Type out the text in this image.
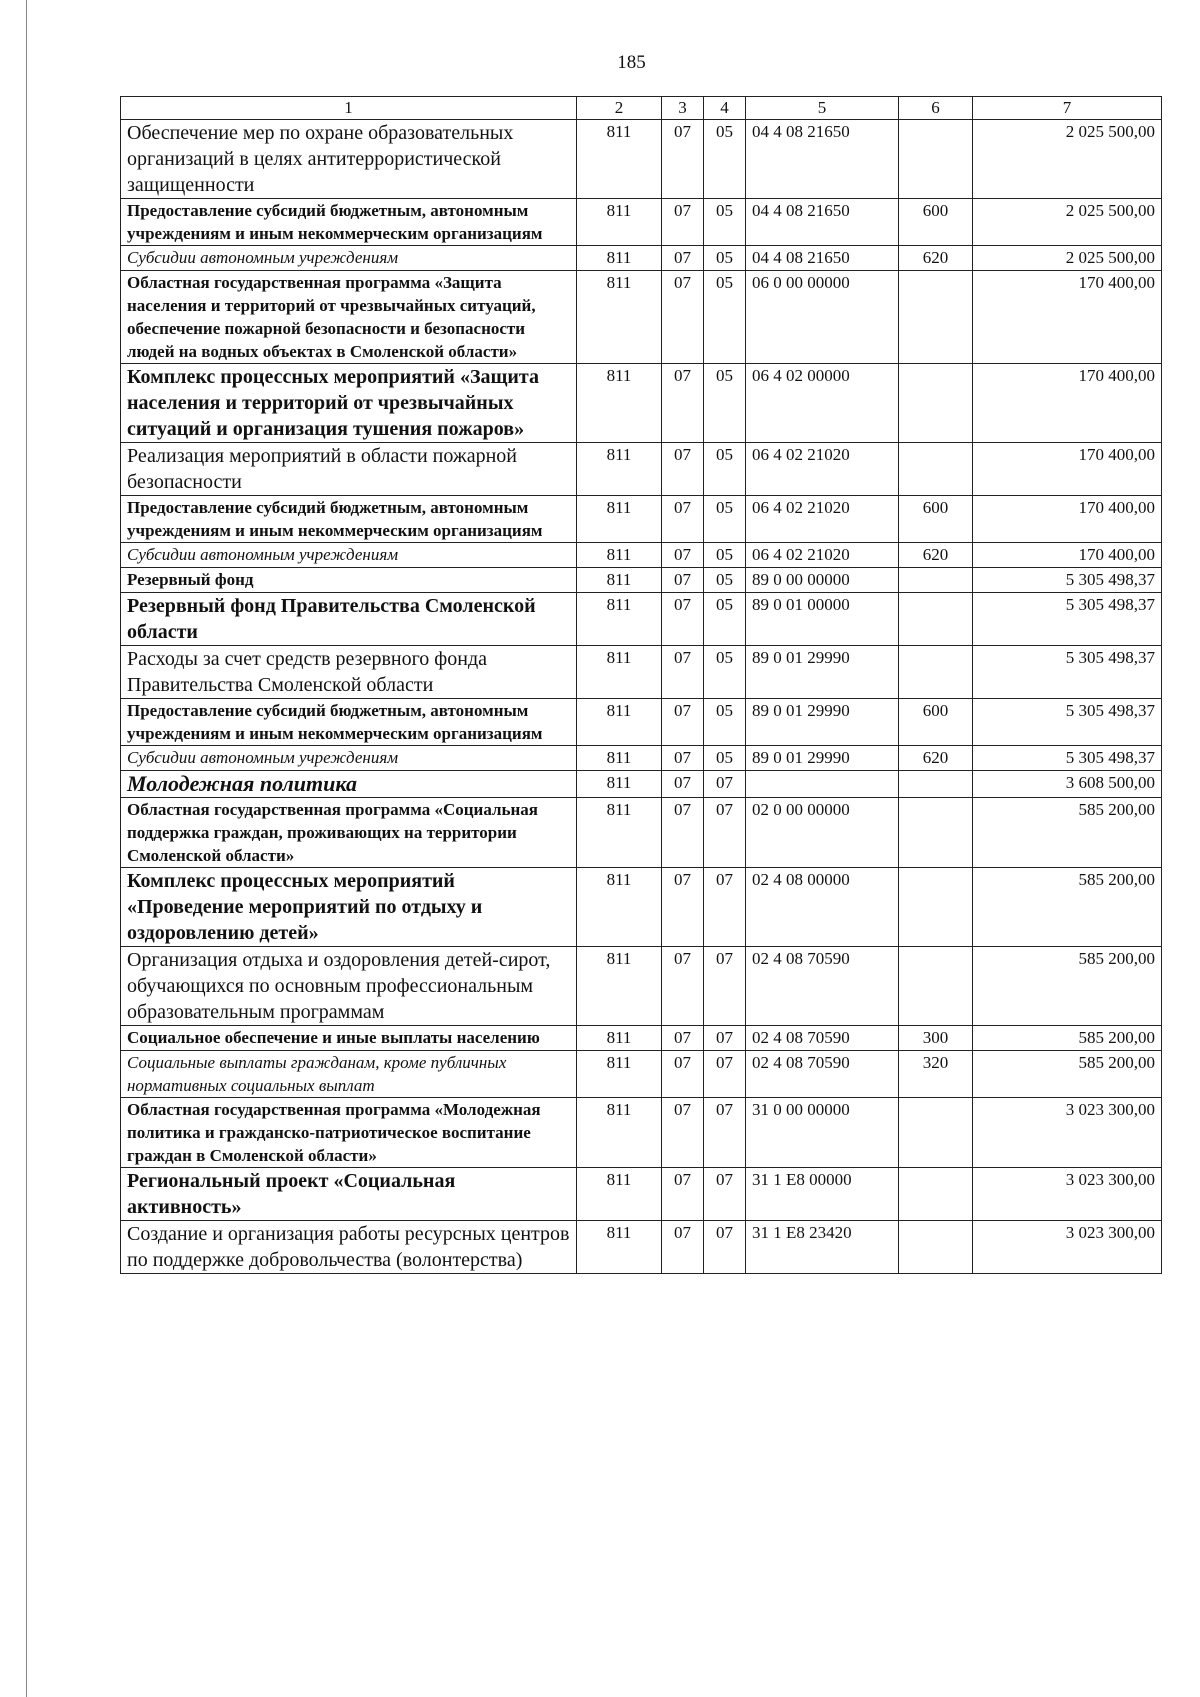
185
1	2	3	4	5	6	7
Обеспечение мер по охране образовательных организаций в целях антитеррористической защищенности	811	07	05	04 4 08 21650		2 025 500,00
Предоставление субсидий бюджетным, автономным учреждениям и иным некоммерческим организациям	811	07	05	04 4 08 21650	600	2 025 500,00
Субсидии автономным учреждениям	811	07	05	04 4 08 21650	620	2 025 500,00
Областная государственная программа «Защита населения и территорий от чрезвычайных ситуаций, обеспечение пожарной безопасности и безопасности людей на водных объектах в Смоленской области»	811	07	05	06 0 00 00000		170 400,00
Комплекс процессных мероприятий «Защита населения и территорий от чрезвычайных ситуаций и организация тушения пожаров»	811	07	05	06 4 02 00000		170 400,00
Реализация мероприятий в области пожарной безопасности	811	07	05	06 4 02 21020		170 400,00
Предоставление субсидий бюджетным, автономным учреждениям и иным некоммерческим организациям	811	07	05	06 4 02 21020	600	170 400,00
Субсидии автономным учреждениям	811	07	05	06 4 02 21020	620	170 400,00
Резервный фонд	811	07	05	89 0 00 00000		5 305 498,37
Резервный фонд Правительства Смоленской области	811	07	05	89 0 01 00000		5 305 498,37
Расходы за счет средств резервного фонда Правительства Смоленской области	811	07	05	89 0 01 29990		5 305 498,37
Предоставление субсидий бюджетным, автономным учреждениям и иным некоммерческим организациям	811	07	05	89 0 01 29990	600	5 305 498,37
Субсидии автономным учреждениям	811	07	05	89 0 01 29990	620	5 305 498,37
Молодежная политика	811	07	07			3 608 500,00
Областная государственная программа «Социальная поддержка граждан, проживающих на территории Смоленской области»	811	07	07	02 0 00 00000		585 200,00
Комплекс процессных мероприятий «Проведение мероприятий по отдыху и оздоровлению детей»	811	07	07	02 4 08 00000		585 200,00
Организация отдыха и оздоровления детей-сирот, обучающихся по основным профессиональным образовательным программам	811	07	07	02 4 08 70590		585 200,00
Социальное обеспечение и иные выплаты населению	811	07	07	02 4 08 70590	300	585 200,00
Социальные выплаты гражданам, кроме публичных нормативных социальных выплат	811	07	07	02 4 08 70590	320	585 200,00
Областная государственная программа «Молодежная политика и гражданско-патриотическое воспитание граждан в Смоленской области»	811	07	07	31 0 00 00000		3 023 300,00
Региональный проект «Социальная активность»	811	07	07	31 1 Е8 00000		3 023 300,00
Создание и организация работы ресурсных центров по поддержке добровольчества (волонтерства)	811	07	07	31 1 Е8 23420		3 023 300,00
